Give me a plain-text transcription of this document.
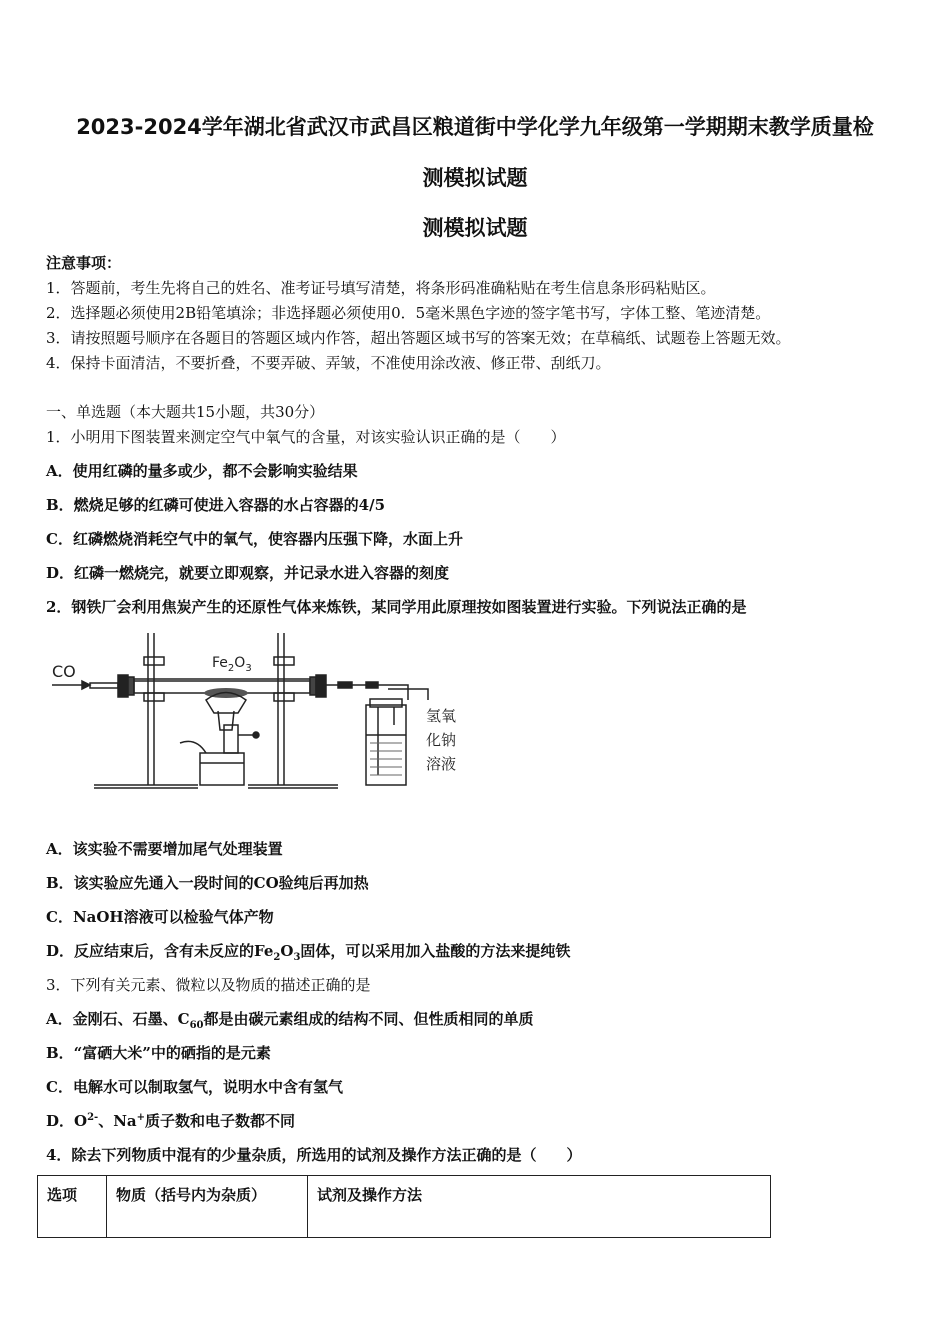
2023-2024学年湖北省武汉市武昌区粮道街中学化学九年级第一学期期末教学质量检
测模拟试题
测模拟试题
注意事项：
1．答题前，考生先将自己的姓名、准考证号填写清楚，将条形码准确粘贴在考生信息条形码粘贴区。
2．选择题必须使用2B铅笔填涂；非选择题必须使用0．5毫米黑色字迹的签字笔书写，字体工整、笔迹清楚。
3．请按照题号顺序在各题目的答题区域内作答，超出答题区域书写的答案无效；在草稿纸、试题卷上答题无效。
4．保持卡面清洁，不要折叠，不要弄破、弄皱，不准使用涂改液、修正带、刮纸刀。
一、单选题（本大题共15小题，共30分）
1．小明用下图装置来测定空气中氧气的含量，对该实验认识正确的是（　　）
A．使用红磷的量多或少，都不会影响实验结果
B．燃烧足够的红磷可使进入容器的水占容器的4/5
C．红磷燃烧消耗空气中的氧气，使容器内压强下降，水面上升
D．红磷一燃烧完，就要立即观察，并记录水进入容器的刻度
2．钢铁厂会利用焦炭产生的还原性气体来炼铁，某同学用此原理按如图装置进行实验。下列说法正确的是
CO	$Fe_2O_3$
氢氧
化钠
溶液
A．该实验不需要增加尾气处理装置
B．该实验应先通入一段时间的CO验纯后再加热
C．NaOH溶液可以检验气体产物
D．反应结束后，含有未反应的$Fe_2O_3$固体，可以采用加入盐酸的方法来提纯铁
3．下列有关元素、微粒以及物质的描述正确的是
A．金刚石、石墨、$C_{60}$都是由碳元素组成的结构不同、但性质相同的单质
B．“富硒大米”中的硒指的是元素
C．电解水可以制取氢气，说明水中含有氢气
D．$O^{2-}$、Na+质子数和电子数都不同
4．除去下列物质中混有的少量杂质，所选用的试剂及操作方法正确的是（　　）
选项	物质（括号内为杂质）	试剂及操作方法
